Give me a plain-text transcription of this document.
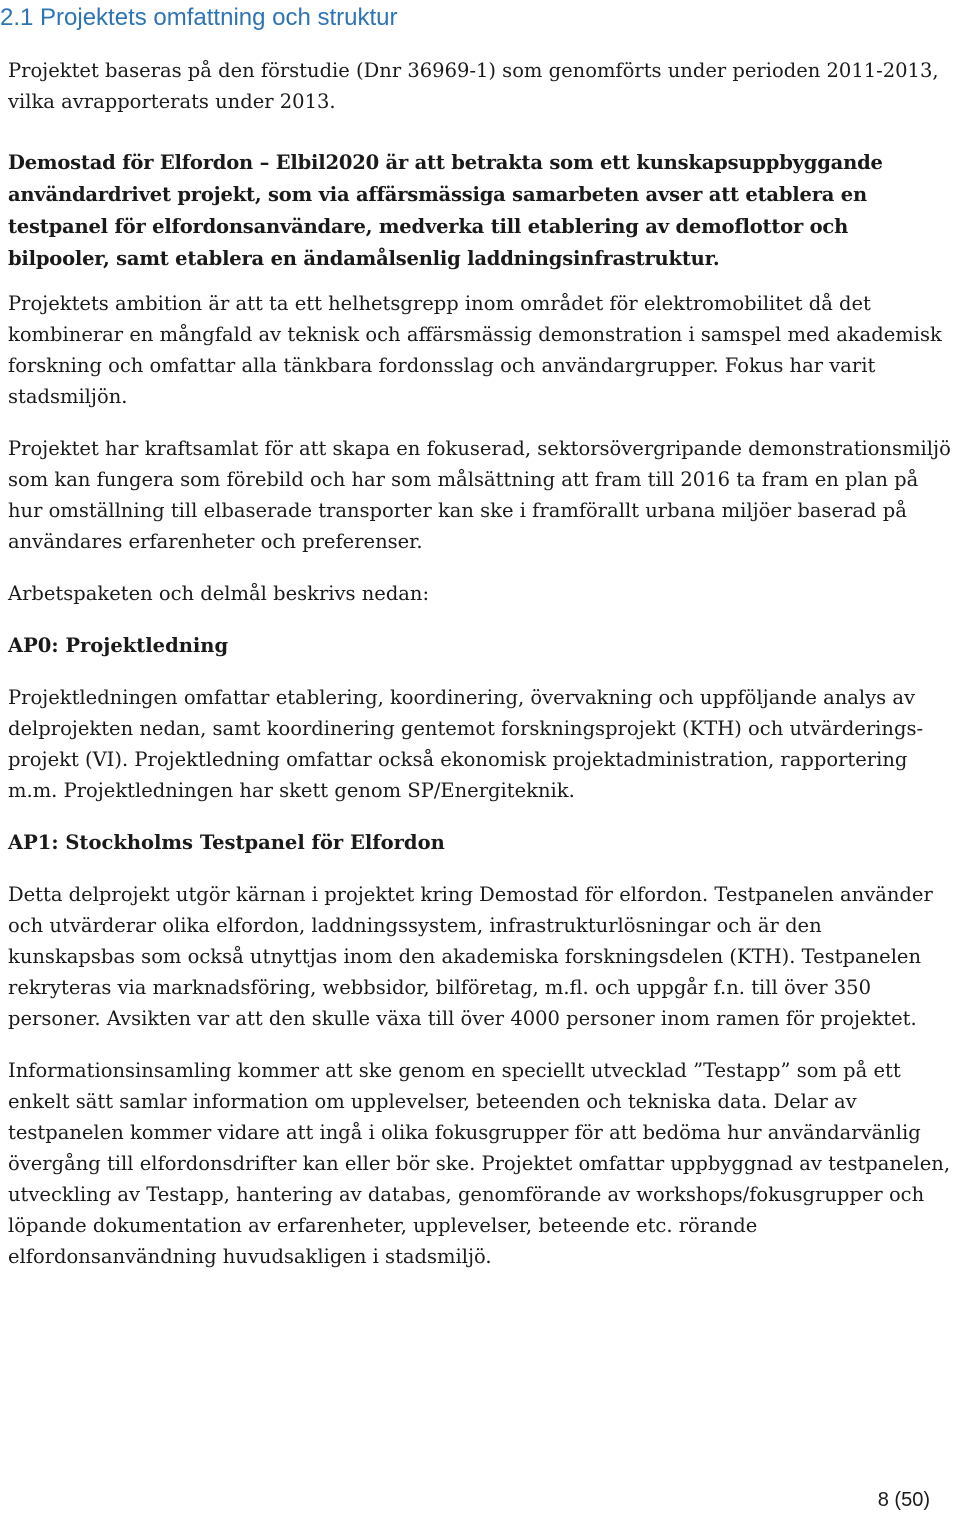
2.1 Projektets omfattning och struktur

Projektet baseras på den förstudie (Dnr 36969-1) som genomförts under perioden 2011-2013, vilka avrapporterats under 2013.

Demostad för Elfordon – Elbil2020 är att betrakta som ett kunskapsuppbyggande användardrivet projekt, som via affärsmässiga samarbeten avser att etablera en testpanel för elfordonsanvändare, medverka till etablering av demoflottor och bilpooler, samt etablera en ändamålsenlig laddningsinfrastruktur.

Projektets ambition är att ta ett helhetsgrepp inom området för elektromobilitet då det kombinerar en mångfald av teknisk och affärsmässig demonstration i samspel med akademisk forskning och omfattar alla tänkbara fordonsslag och användargrupper. Fokus har varit stadsmiljön.

Projektet har kraftsamlat för att skapa en fokuserad, sektorsövergripande demonstrationsmiljö som kan fungera som förebild och har som målsättning att fram till 2016 ta fram en plan på hur omställning till elbaserade transporter kan ske i framförallt urbana miljöer baserad på användares erfarenheter och preferenser.

Arbetspaketen och delmål beskrivs nedan:

AP0: Projektledning

Projektledningen omfattar etablering, koordinering, övervakning och uppföljande analys av delprojekten nedan, samt koordinering gentemot forskningsprojekt (KTH) och utvärderings-projekt (VI). Projektledning omfattar också ekonomisk projektadministration, rapportering m.m. Projektledningen har skett genom SP/Energiteknik.

AP1: Stockholms Testpanel för Elfordon

Detta delprojekt utgör kärnan i projektet kring Demostad för elfordon. Testpanelen använder och utvärderar olika elfordon, laddningssystem, infrastrukturlösningar och är den kunskapsbas som också utnyttjas inom den akademiska forskningsdelen (KTH). Testpanelen rekryteras via marknadsföring, webbsidor, bilföretag, m.fl. och uppgår f.n. till över 350 personer. Avsikten var att den skulle växa till över 4000 personer inom ramen för projektet.

Informationsinsamling kommer att ske genom en speciellt utvecklad ”Testapp” som på ett enkelt sätt samlar information om upplevelser, beteenden och tekniska data. Delar av testpanelen kommer vidare att ingå i olika fokusgrupper för att bedöma hur användarvänlig övergång till elfordonsdrifter kan eller bör ske. Projektet omfattar uppbyggnad av testpanelen, utveckling av Testapp, hantering av databas, genomförande av workshops/fokusgrupper och löpande dokumentation av erfarenheter, upplevelser, beteende etc. rörande elfordonsanvändning huvudsakligen i stadsmiljö.

8 (50)
